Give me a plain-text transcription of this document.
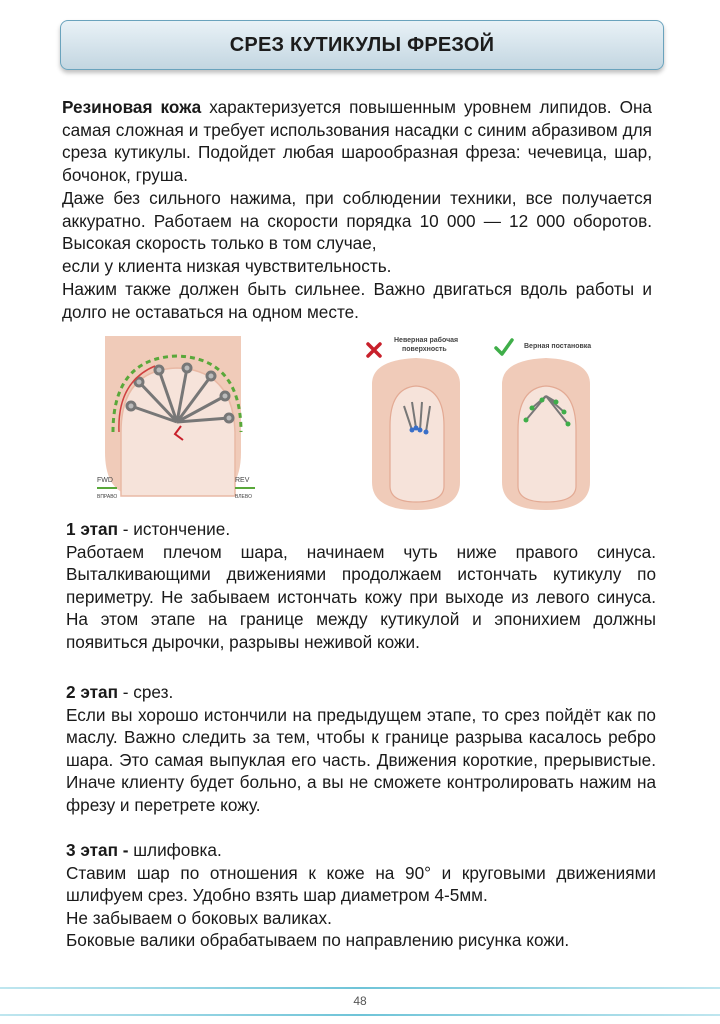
СРЕЗ КУТИКУЛЫ ФРЕЗОЙ

Резиновая кожа характеризуется повышенным уровнем липидов. Она самая сложная и требует использования насадки с синим абразивом для среза кутикулы. Подойдет любая шарообразная фреза: чечевица, шар, бочонок, груша.

Даже без сильного нажима, при соблюдении техники, все получается аккуратно. Работаем на скорости порядка 10 000 — 12 000 оборотов. Высокая скорость только в том случае,
если у клиента низкая чувствительность.

Нажим также должен быть сильнее. Важно двигаться вдоль работы и долго не оставаться на одном месте.

FWD
ВПРАВО
REV
ВЛЕВО
Неверная рабочая
поверхность	Верная постановка

1 этап - истончение.
Работаем плечом шара, начинаем чуть ниже правого синуса. Выталкивающими движениями продолжаем истончать кутикулу по периметру. Не забываем истончать кожу при выходе из левого синуса. На этом этапе на границе между кутикулой и эпонихием должны появиться дырочки, разрывы неживой кожи.

2 этап - срез.
Если вы хорошо истончили на предыдущем этапе, то срез пойдёт как по маслу. Важно следить за тем, чтобы к границе разрыва касалось ребро шара. Это самая выпуклая его часть. Движения короткие, прерывистые. Иначе клиенту будет больно, а вы не сможете контролировать нажим на фрезу и перетрете кожу.

3 этап - шлифовка.
Ставим шар по отношения к коже на 90° и круговыми движениями шлифуем срез. Удобно взять шар диаметром 4-5мм.
Не забываем о боковых валиках.
Боковые валики обрабатываем по направлению рисунка кожи.

48
